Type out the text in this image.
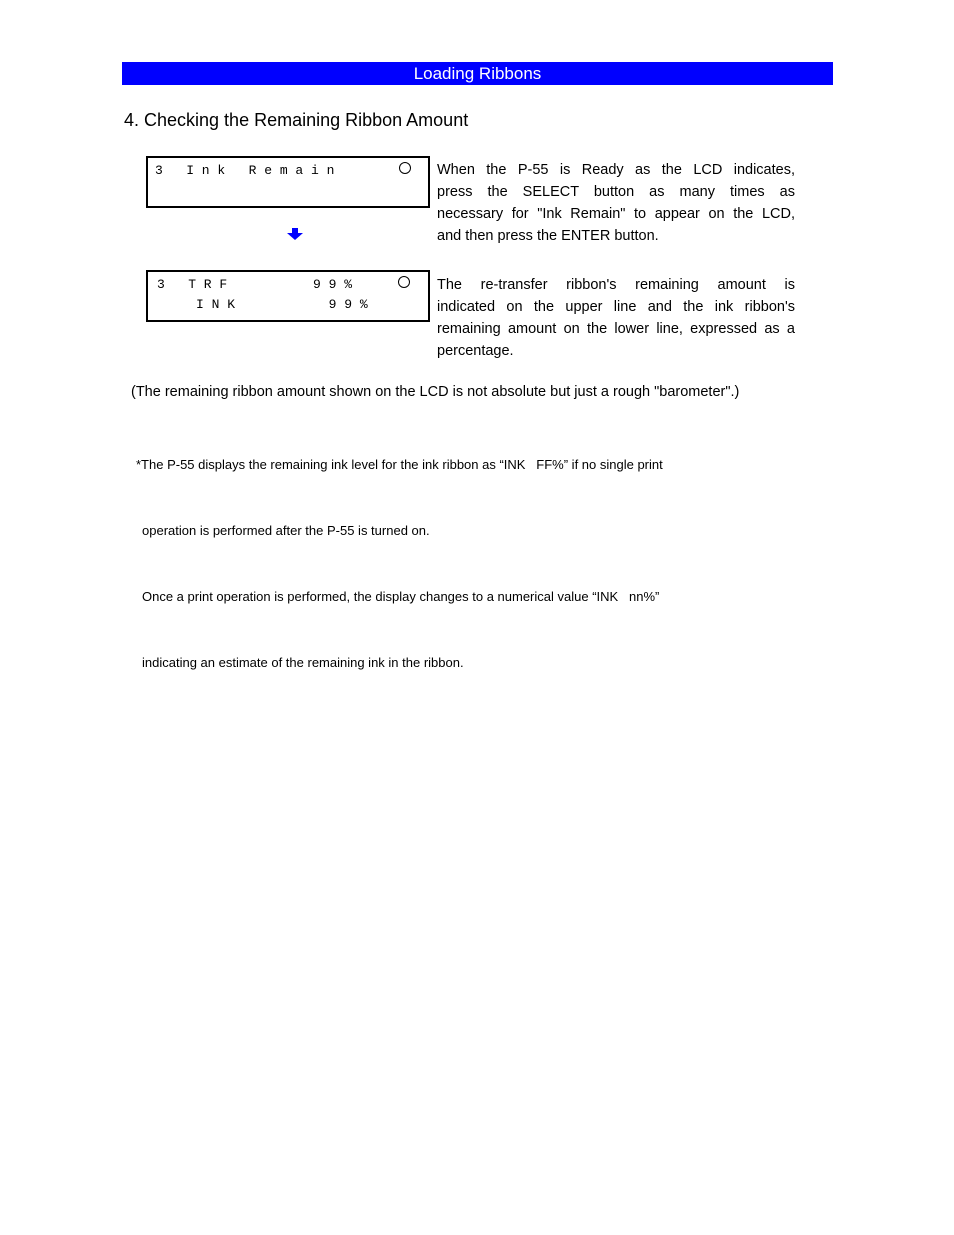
Loading Ribbons
4. Checking the Remaining Ribbon Amount
3   I n k   R e m a i n
3   T R F           9 9 %
I N K            9 9 %
When the P-55 is Ready as the LCD indicates,
press the SELECT button as many times as
necessary for "Ink Remain" to appear on the LCD,
and then press the ENTER button.
The re-transfer ribbon's remaining amount is
indicated on the upper line and the ink ribbon's
remaining amount on the lower line, expressed as a
percentage.
(The remaining ribbon amount shown on the LCD is not absolute but just a rough "barometer".)

*The P-55 displays the remaining ink level for the ink ribbon as “INK   FF%” if no single print

operation is performed after the P-55 is turned on.

Once a print operation is performed, the display changes to a numerical value “INK   nn%”

indicating an estimate of the remaining ink in the ribbon.
